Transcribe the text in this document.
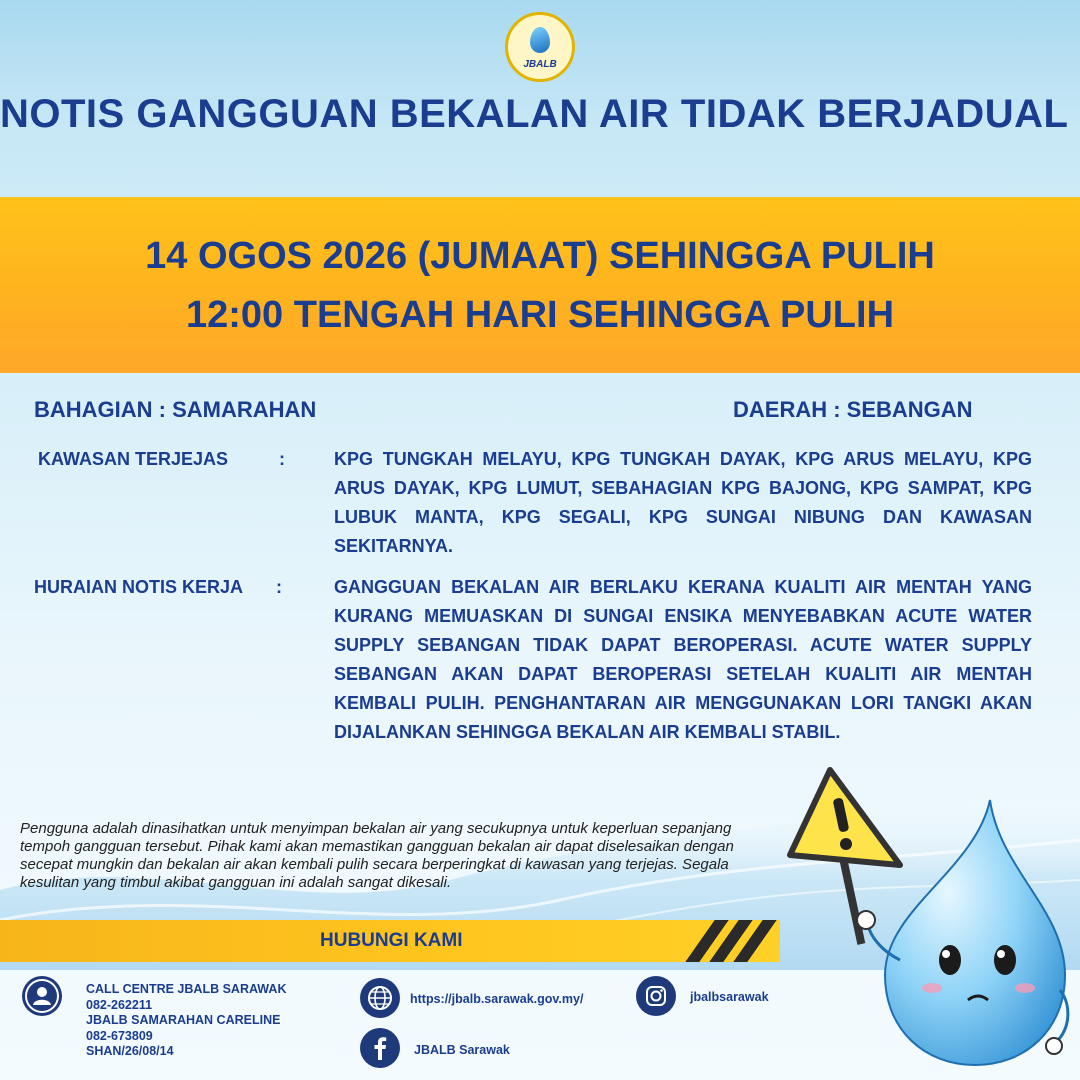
JBALB
NOTIS GANGGUAN BEKALAN AIR TIDAK BERJADUAL
14 OGOS 2026 (JUMAAT) SEHINGGA PULIH
12:00 TENGAH HARI SEHINGGA PULIH
BAHAGIAN : SAMARAHAN	DAERAH : SEBANGAN
KAWASAN TERJEJAS	:	KPG TUNGKAH MELAYU, KPG TUNGKAH DAYAK, KPG ARUS MELAYU, KPG ARUS DAYAK, KPG LUMUT, SEBAHAGIAN KPG BAJONG, KPG SAMPAT, KPG LUBUK MANTA, KPG SEGALI, KPG SUNGAI NIBUNG DAN KAWASAN SEKITARNYA.
HURAIAN NOTIS KERJA :	GANGGUAN BEKALAN AIR BERLAKU KERANA KUALITI AIR MENTAH YANG KURANG MEMUASKAN DI SUNGAI ENSIKA MENYEBABKAN ACUTE WATER SUPPLY SEBANGAN TIDAK DAPAT BEROPERASI. ACUTE WATER SUPPLY SEBANGAN AKAN DAPAT BEROPERASI SETELAH KUALITI AIR MENTAH KEMBALI PULIH. PENGHANTARAN AIR MENGGUNAKAN LORI TANGKI AKAN DIJALANKAN SEHINGGA BEKALAN AIR KEMBALI STABIL.
Pengguna adalah dinasihatkan untuk menyimpan bekalan air yang secukupnya untuk keperluan sepanjang tempoh gangguan tersebut. Pihak kami akan memastikan gangguan bekalan air dapat diselesaikan dengan secepat mungkin dan bekalan air akan kembali pulih secara berperingkat di kawasan yang terjejas. Segala kesulitan yang timbul akibat gangguan ini adalah sangat dikesali.
HUBUNGI KAMI
CALL CENTRE JBALB SARAWAK
082-262211
JBALB SAMARAHAN CARELINE
082-673809
SHAN/26/08/14
https://jbalb.sarawak.gov.my/	jbalbsarawak
JBALB Sarawak
